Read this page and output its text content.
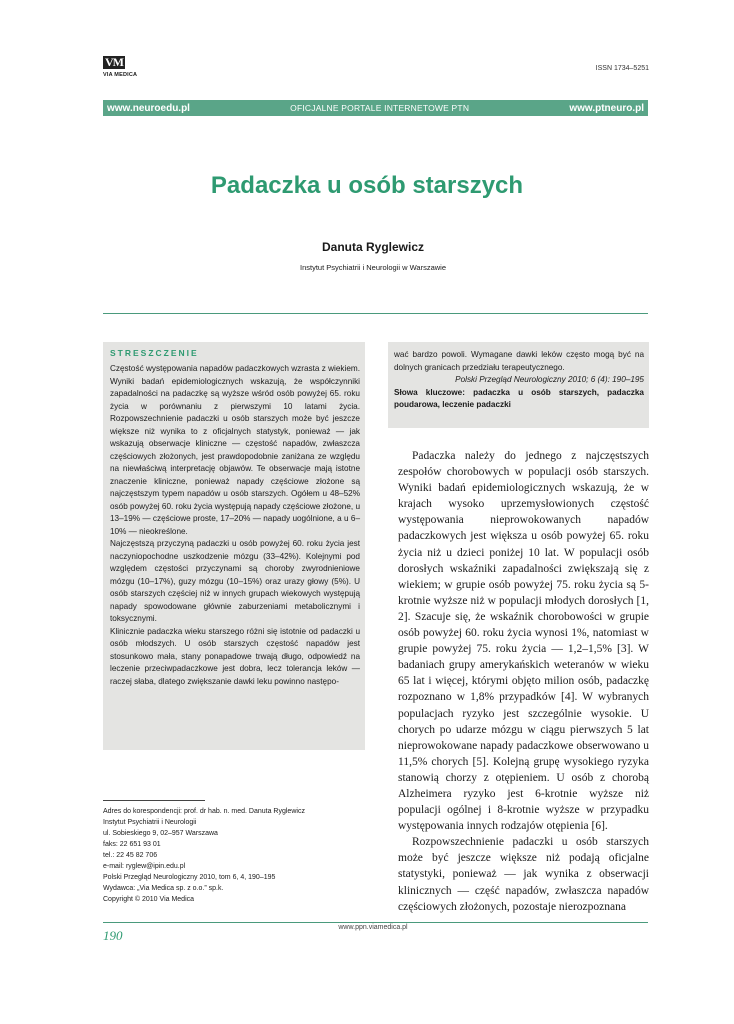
VM
VIA MEDICA
ISSN 1734–5251
www.neuroedu.pl	OFICJALNE PORTALE INTERNETOWE PTN	www.ptneuro.pl
Padaczka u osób starszych
Danuta Ryglewicz
Instytut Psychiatrii i Neurologii w Warszawie
STRESZCZENIE

Częstość występowania napadów padaczkowych wzrasta z wiekiem. Wyniki badań epidemiologicznych wskazują, że współczynniki zapadalności na padaczkę są wyższe wśród osób powyżej 65. roku życia w porównaniu z pierwszymi 10 latami życia. Rozpowszechnienie padaczki u osób starszych może być jeszcze większe niż wynika to z oficjalnych statystyk, ponieważ — jak wskazują obserwacje kliniczne — częstość napadów, zwłaszcza częściowych złożonych, jest prawdopodobnie zaniżana ze względu na niewłaściwą interpretację objawów. Te obserwacje mają istotne znaczenie kliniczne, ponieważ napady częściowe złożone są najczęstszym typem napadów u osób starszych. Ogółem u 48–52% osób powyżej 60. roku życia występują napady częściowe złożone, u 13–19% — częściowe proste, 17–20% — napady uogólnione, a u 6–10% — nieokreślone.

Najczęstszą przyczyną padaczki u osób powyżej 60. roku życia jest naczyniopochodne uszkodzenie mózgu (33–42%). Kolejnymi pod względem częstości przyczynami są choroby zwyrodnieniowe mózgu (10–17%), guzy mózgu (10–15%) oraz urazy głowy (5%). U osób starszych częściej niż w innych grupach wiekowych występują napady spowodowane głównie zaburzeniami metabolicznymi i toksycznymi.

Klinicznie padaczka wieku starszego różni się istotnie od padaczki u osób młodszych. U osób starszych częstość napadów jest stosunkowo mała, stany ponapadowe trwają długo, odpowiedź na leczenie przeciwpadaczkowe jest dobra, lecz tolerancja leków — raczej słaba, dlatego zwiększanie dawki leku powinno następo-

wać bardzo powoli. Wymagane dawki leków często mogą być na dolnych granicach przedziału terapeutycznego.

Polski Przegląd Neurologiczny 2010; 6 (4): 190–195

Słowa kluczowe: padaczka u osób starszych, padaczka poudarowa, leczenie padaczki

Adres do korespondencji: prof. dr hab. n. med. Danuta Ryglewicz
Instytut Psychiatrii i Neurologii
ul. Sobieskiego 9, 02–957 Warszawa
faks: 22 651 93 01
tel.: 22 45 82 706
e-mail: ryglew@ipin.edu.pl
Polski Przegląd Neurologiczny 2010, tom 6, 4, 190–195
Wydawca: „Via Medica sp. z o.o.” sp.k.
Copyright © 2010 Via Medica

Padaczka należy do jednego z najczęstszych zespołów chorobowych w populacji osób starszych. Wyniki badań epidemiologicznych wskazują, że w krajach wysoko uprzemysłowionych częstość występowania nieprowokowanych napadów padaczkowych jest większa u osób powyżej 65. roku życia niż u dzieci poniżej 10 lat. W populacji osób dorosłych wskaźniki zapadalności zwiększają się z wiekiem; w grupie osób powyżej 75. roku życia są 5-krotnie wyższe niż w populacji młodych dorosłych [1, 2]. Szacuje się, że wskaźnik chorobowości w grupie osób powyżej 60. roku życia wynosi 1%, natomiast w grupie powyżej 75. roku życia — 1,2–1,5% [3]. W badaniach grupy amerykańskich weteranów w wieku 65 lat i więcej, którymi objęto milion osób, padaczkę rozpoznano w 1,8% przypadków [4]. W wybranych populacjach ryzyko jest szczególnie wysokie. U chorych po udarze mózgu w ciągu pierwszych 5 lat nieprowokowane napady padaczkowe obserwowano u 11,5% chorych [5]. Kolejną grupę wysokiego ryzyka stanowią chorzy z otępieniem. U osób z chorobą Alzheimera ryzyko jest 6-krotnie wyższe niż populacji ogólnej i 8-krotnie wyższe w przypadku występowania innych rodzajów otępienia [6].

Rozpowszechnienie padaczki u osób starszych może być jeszcze większe niż podają oficjalne statystyki, ponieważ — jak wynika z obserwacji klinicznych — część napadów, zwłaszcza napadów częściowych złożonych, pozostaje nierozpoznana

www.ppn.viamedica.pl
190
